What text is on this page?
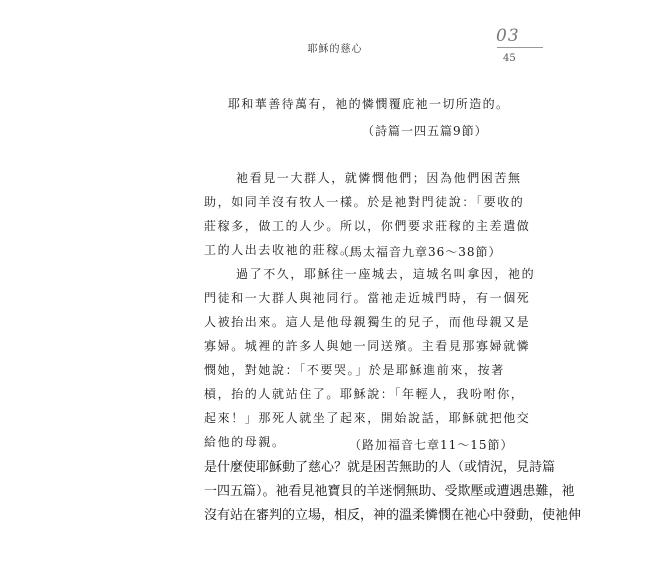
耶穌的慈心
03
45
耶和華善待萬有，祂的憐憫覆庇祂一切所造的。
（詩篇一四五篇9節）
祂看見一大群人，就憐憫他們；因為他們困苦無
助，如同羊沒有牧人一樣。於是祂對門徒說：「要收的
莊稼多，做工的人少。所以，你們要求莊稼的主差遣做
工的人出去收祂的莊稼。」
（馬太福音九章36～38節）
過了不久，耶穌往一座城去，這城名叫拿因，祂的
門徒和一大群人與祂同行。當祂走近城門時，有一個死
人被抬出來。這人是他母親獨生的兒子，而他母親又是
寡婦。城裡的許多人與她一同送殯。主看見那寡婦就憐
憫她，對她說：「不要哭。」於是耶穌進前來，按著
槓，抬的人就站住了。耶穌說：「年輕人，我吩咐你，
起來！」那死人就坐了起來，開始說話，耶穌就把他交
給他的母親。	（路加福音七章11～15節）
是什麼使耶穌動了慈心？就是困苦無助的人（或情況，見詩篇
一四五篇）。祂看見祂寶貝的羊迷惘無助、受欺壓或遭遇患難，祂
沒有站在審判的立場，相反，神的溫柔憐憫在祂心中發動，使祂伸
